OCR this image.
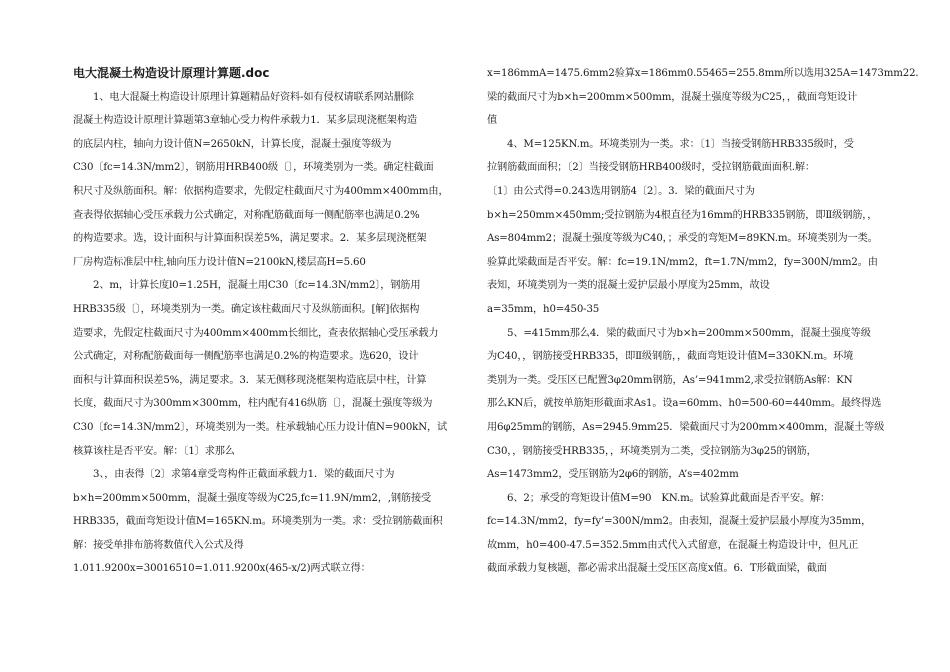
电大混凝土构造设计原理计算题.doc
1、电大混凝土构造设计原理计算题精品好资料-如有侵权请联系网站删除
混凝土构造设计原理计算题第3章轴心受力构件承载力1．某多层现浇框架构造
的底层内柱，轴向力设计值N=2650kN，计算长度，混凝土强度等级为
C30〔fc=14.3N/mm2〕，钢筋用HRB400级〔〕，环境类别为一类。确定柱截面
积尺寸及纵筋面积。解：依据构造要求，先假定柱截面尺寸为400mm×400mm由，
查表得依据轴心受压承载力公式确定，对称配筋截面每一侧配筋率也满足0.2%
的构造要求。选，设计面积与计算面积误差5%，满足要求。2．某多层现浇框架
厂房构造标准层中柱,轴向压力设计值N=2100kN,楼层高H=5.60
2、m，计算长度l0=1.25H，混凝土用C30〔fc=14.3N/mm2〕，钢筋用
HRB335级〔〕，环境类别为一类。确定该柱截面尺寸及纵筋面积。[解]依据构
造要求，先假定柱截面尺寸为400mm×400mm长细比，查表依据轴心受压承载力
公式确定，对称配筋截面每一侧配筋率也满足0.2%的构造要求。选620，设计
面积与计算面积误差5%，满足要求。3．某无侧移现浇框架构造底层中柱，计算
长度，截面尺寸为300mm×300mm，柱内配有416纵筋〔〕，混凝土强度等级为
C30〔fc=14.3N/mm2〕，环境类别为一类。柱承载轴心压力设计值N=900kN，试
核算该柱是否平安。解：〔1〕求那么
3、，由表得〔2〕求第4章受弯构件正截面承载力1．梁的截面尺寸为
b×h=200mm×500mm，混凝土强度等级为C25,fc=11.9N/mm2，,钢筋接受
HRB335，截面弯矩设计值M=165KN.m。环境类别为一类。求：受拉钢筋截面积
解：接受单排布筋将数值代入公式及得
1.011.9200x=30016510=1.011.9200x(465-x/2)两式联立得：
x=186mmA=1475.6mm2验算x=186mm0.55465=255.8mm所以选用325A=1473mm22．
梁的截面尺寸为b×h=200mm×500mm，混凝土强度等级为C25，，截面弯矩设计
值
4、M=125KN.m。环境类别为一类。求：〔1〕当接受钢筋HRB335级时，受
拉钢筋截面面积；〔2〕当接受钢筋HRB400级时，受拉钢筋截面面积.解：
〔1〕由公式得=0.243选用钢筋4〔2〕。3．梁的截面尺寸为
b×h=250mm×450mm;受拉钢筋为4根直径为16mm的HRB335钢筋，即Ⅱ级钢筋，，
As=804mm2；混凝土强度等级为C40，；承受的弯矩M=89KN.m。环境类别为一类。
验算此梁截面是否平安。解：fc=19.1N/mm2，ft=1.7N/mm2，fy=300N/mm2。由
表知，环境类别为一类的混凝土爱护层最小厚度为25mm，故设
a=35mm，h0=450-35
5、=415mm那么4．梁的截面尺寸为b×h=200mm×500mm，混凝土强度等级
为C40，，钢筋接受HRB335，即Ⅱ级钢筋，，截面弯矩设计值M=330KN.m。环境
类别为一类。受压区已配置3φ20mm钢筋，As’=941mm2,求受拉钢筋As解：KN
那么KN后，就按单筋矩形截面求As1。设a=60mm、h0=500-60=440mm。最终得选
用6φ25mm的钢筋，As=2945.9mm25．梁截面尺寸为200mm×400mm，混凝土等级
C30，，钢筋接受HRB335，，环境类别为二类，受拉钢筋为3φ25的钢筋，
As=1473mm2，受压钢筋为2φ6的钢筋，A’s=402mm
6、2；承受的弯矩设计值M=90　KN.m。试验算此截面是否平安。解：
fc=14.3N/mm2，fy=fy’=300N/mm2。由表知，混凝土爱护层最小厚度为35mm，
故mm，h0=400-47.5=352.5mm由式代入式留意，在混凝土构造设计中，但凡正
截面承载力复核题，都必需求出混凝土受压区高度x值。6．T形截面梁，截面
